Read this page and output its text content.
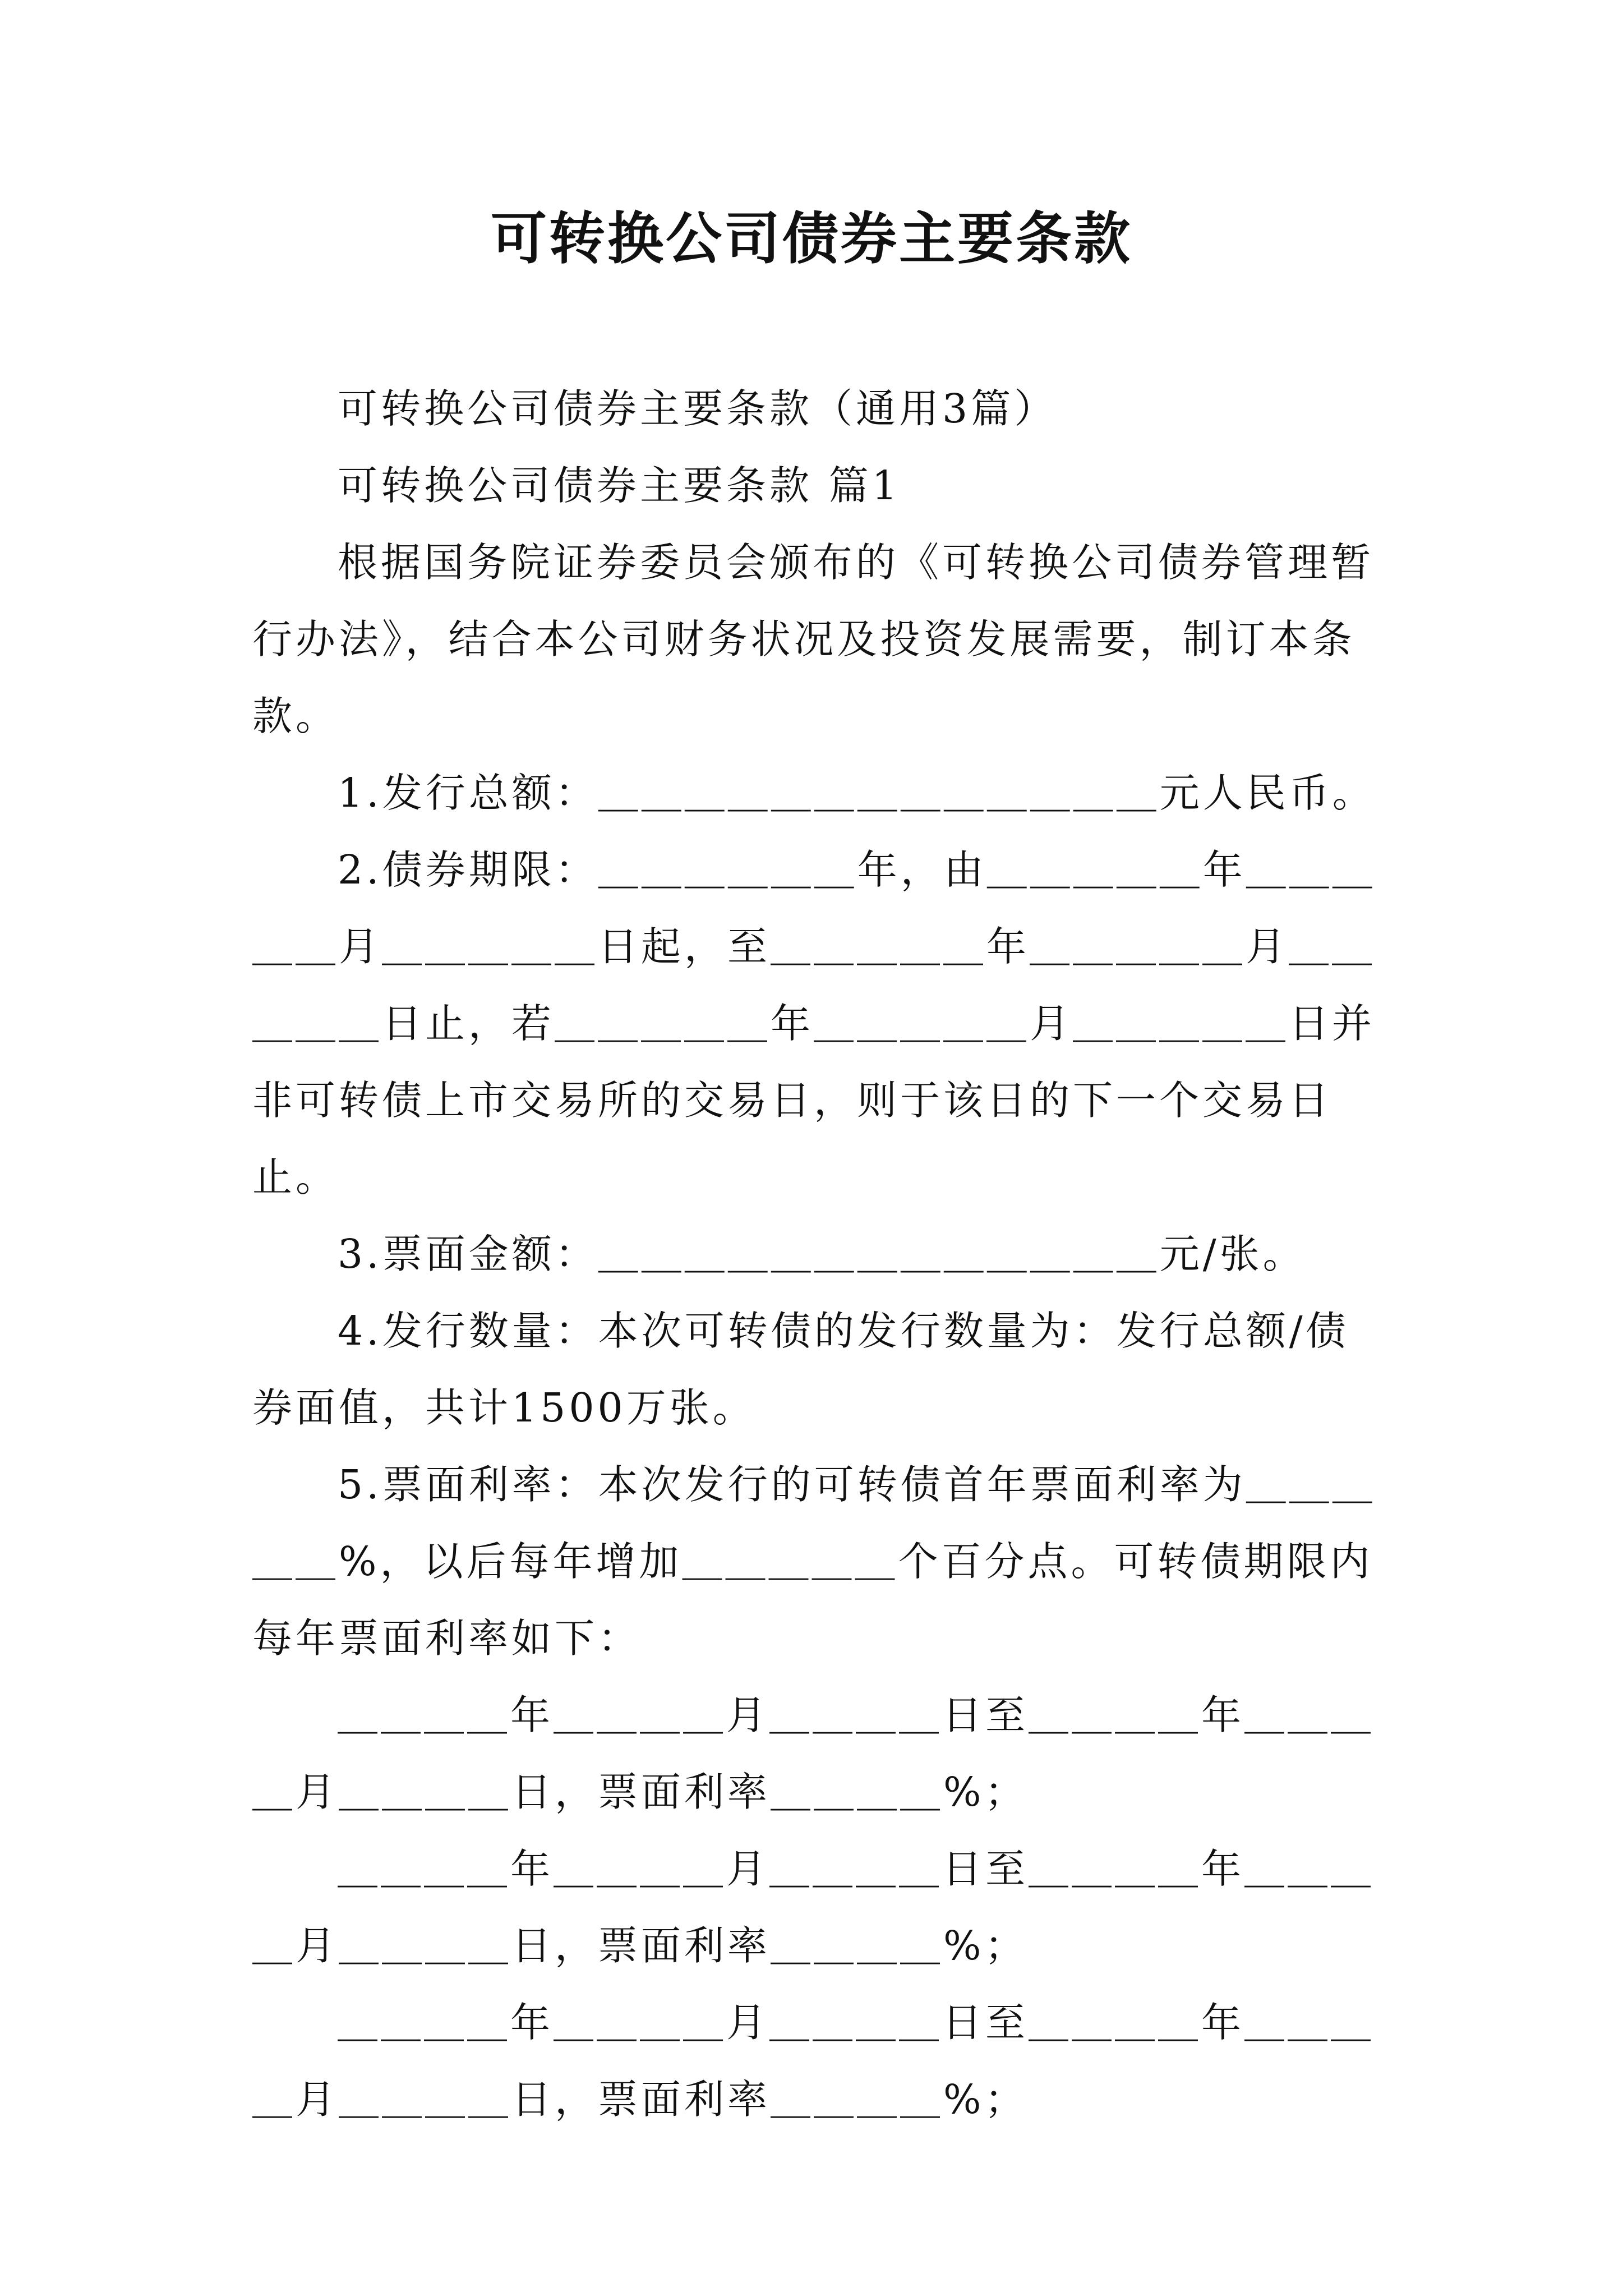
可转换公司债券主要条款

可转换公司债券主要条款（通用3篇）

可转换公司债券主要条款 篇1

根据国务院证券委员会颁布的《可转换公司债券管理暂行办法》，结合本公司财务状况及投资发展需要，制订本条款。

1.发行总额：＿＿＿＿＿＿＿＿＿＿＿＿＿元人民币。

2.债券期限：＿＿＿＿＿＿年，由＿＿＿＿＿年＿＿＿＿＿月＿＿＿＿＿日起，至＿＿＿＿＿年＿＿＿＿＿月＿＿＿＿＿日止，若＿＿＿＿＿年＿＿＿＿＿月＿＿＿＿＿日并非可转债上市交易所的交易日，则于该日的下一个交易日止。

3.票面金额：＿＿＿＿＿＿＿＿＿＿＿＿＿元/张。

4.发行数量：本次可转债的发行数量为：发行总额/债券面值，共计1500万张。

5.票面利率：本次发行的可转债首年票面利率为＿＿＿＿＿%，以后每年增加＿＿＿＿＿个百分点。可转债期限内每年票面利率如下：

＿＿＿＿年＿＿＿＿月＿＿＿＿日至＿＿＿＿年＿＿＿＿月＿＿＿＿日，票面利率＿＿＿＿%；

＿＿＿＿年＿＿＿＿月＿＿＿＿日至＿＿＿＿年＿＿＿＿月＿＿＿＿日，票面利率＿＿＿＿%；

＿＿＿＿年＿＿＿＿月＿＿＿＿日至＿＿＿＿年＿＿＿＿月＿＿＿＿日，票面利率＿＿＿＿%；
